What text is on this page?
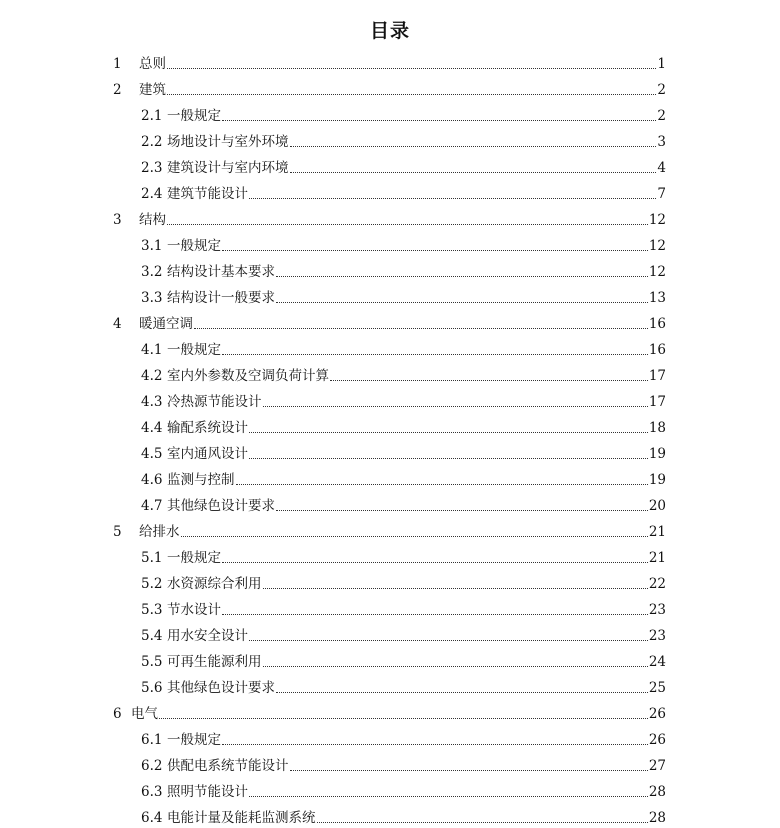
目录
1 总则	1
2 建筑	2
2.1 一般规定	2
2.2 场地设计与室外环境	3
2.3 建筑设计与室内环境	4
2.4 建筑节能设计	7
3 结构	12
3.1 一般规定	12
3.2 结构设计基本要求	12
3.3 结构设计一般要求	13
4 暖通空调	16
4.1 一般规定	16
4.2 室内外参数及空调负荷计算	17
4.3 冷热源节能设计	17
4.4 输配系统设计	18
4.5 室内通风设计	19
4.6 监测与控制	19
4.7 其他绿色设计要求	20
5 给排水	21
5.1 一般规定	21
5.2 水资源综合利用	22
5.3 节水设计	23
5.4 用水安全设计	23
5.5 可再生能源利用	24
5.6 其他绿色设计要求	25
6 电气	26
6.1 一般规定	26
6.2 供配电系统节能设计	27
6.3 照明节能设计	28
6.4 电能计量及能耗监测系统	28
